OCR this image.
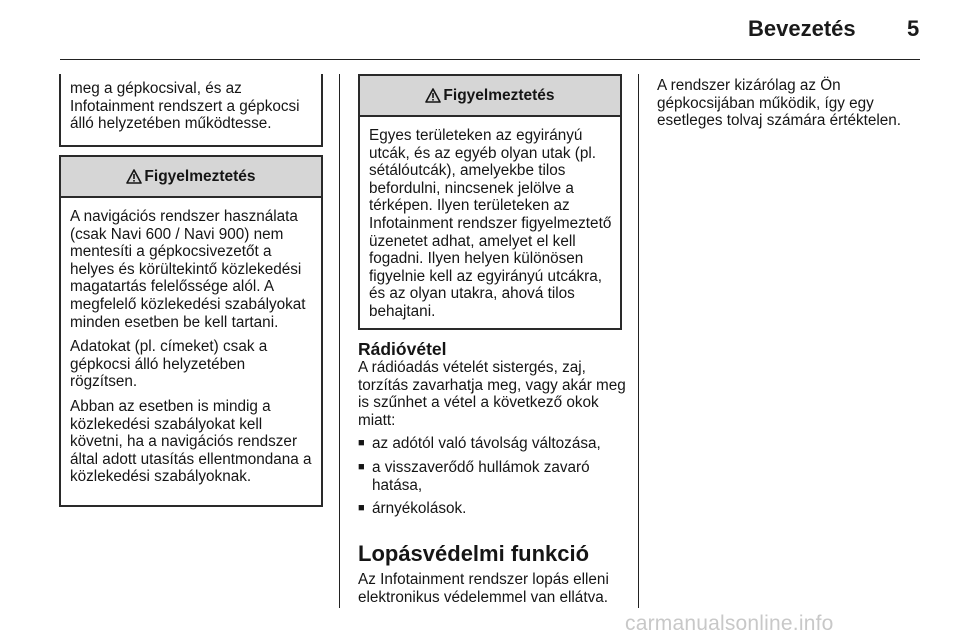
Bevezetés 5
meg a gépkocsival, és az Infotainment rendszert a gépkocsi álló helyzetében működtesse.
Figyelmeztetés

A navigációs rendszer használata (csak Navi 600 / Navi 900) nem mentesíti a gépkocsivezetőt a helyes és körültekintő közlekedési magatartás felelőssége alól. A megfelelő közlekedési szabályokat minden esetben be kell tartani.

Adatokat (pl. címeket) csak a gépkocsi álló helyzetében rögzítsen.

Abban az esetben is mindig a közlekedési szabályokat kell követni, ha a navigációs rendszer által adott utasítás ellentmondana a közlekedési szabályoknak.

Figyelmeztetés

Egyes területeken az egyirányú utcák, és az egyéb olyan utak (pl. sétálóutcák), amelyekbe tilos befordulni, nincsenek jelölve a térképen. Ilyen területeken az Infotainment rendszer figyelmeztető üzenetet adhat, amelyet el kell fogadni. Ilyen helyen különösen figyelnie kell az egyirányú utcákra, és az olyan utakra, ahová tilos behajtani.

Rádióvétel

A rádióadás vételét sistergés, zaj, torzítás zavarhatja meg, vagy akár meg is szűnhet a vétel a következő okok miatt:

■ az adótól való távolság változása,
■ a visszaverődő hullámok zavaró hatása,
■ árnyékolások.

Lopásvédelmi funkció

Az Infotainment rendszer lopás elleni elektronikus védelemmel van ellátva.

A rendszer kizárólag az Ön gépkocsijában működik, így egy esetleges tolvaj számára értéktelen.

carmanualsonline.info
